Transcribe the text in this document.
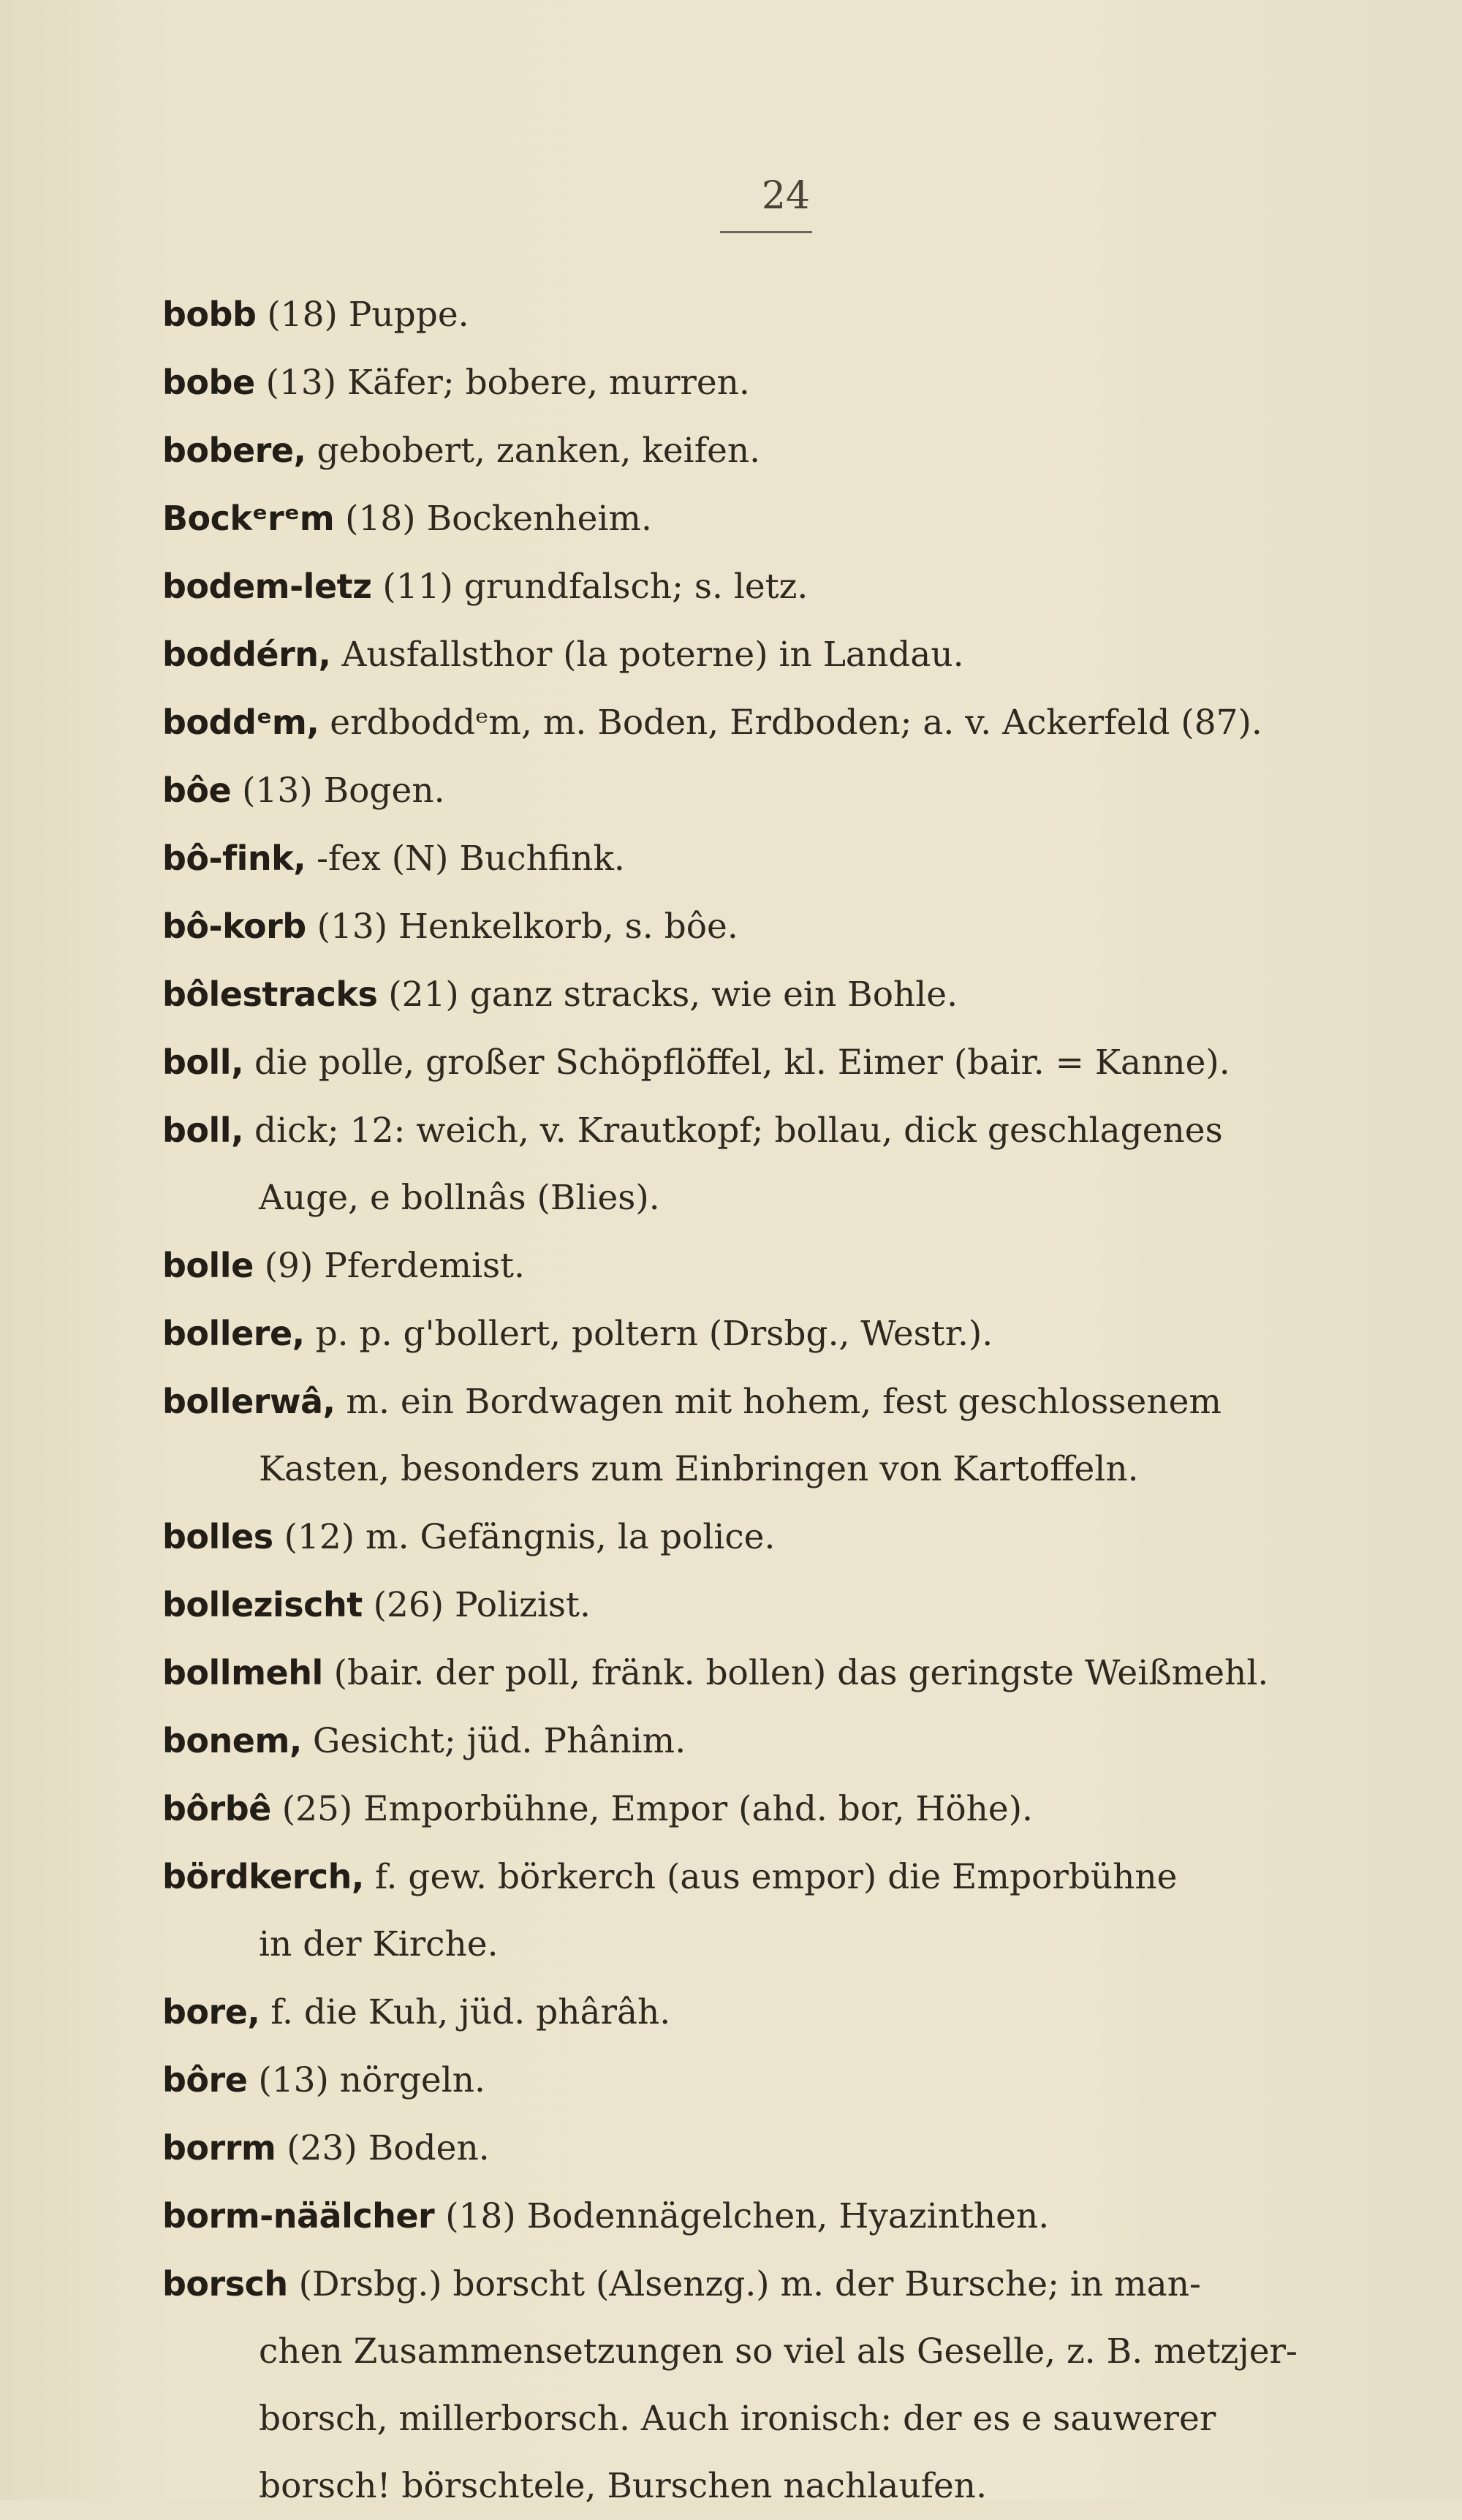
24
bobb (18) Puppe.
bobe (13) Käfer; bobere, murren.
bobere, gebobert, zanken, keifen.
Bockᵉrᵉm (18) Bockenheim.
bodem-letz (11) grundfalsch; s. letz.
boddérn, Ausfallsthor (la poterne) in Landau.
boddᵉm, erdboddᵉm, m. Boden, Erdboden; a. v. Ackerfeld (87).
bôe (13) Bogen.
bô-fink, -fex (N) Buchfink.
bô-korb (13) Henkelkorb, s. bôe.
bôlestracks (21) ganz stracks, wie ein Bohle.
boll, die polle, großer Schöpflöffel, kl. Eimer (bair. = Kanne).
boll, dick; 12: weich, v. Krautkopf; bollau, dick geschlagenes
Auge, e bollnâs (Blies).
bolle (9) Pferdemist.
bollere, p. p. g'bollert, poltern (Drsbg., Westr.).
bollerwâ, m. ein Bordwagen mit hohem, fest geschlossenem
Kasten, besonders zum Einbringen von Kartoffeln.
bolles (12) m. Gefängnis, la police.
bollezischt (26) Polizist.
bollmehl (bair. der poll, fränk. bollen) das geringste Weißmehl.
bonem, Gesicht; jüd. Phânim.
bôrbê (25) Emporbühne, Empor (ahd. bor, Höhe).
bördkerch, f. gew. börkerch (aus empor) die Emporbühne
in der Kirche.
bore, f. die Kuh, jüd. phârâh.
bôre (13) nörgeln.
borrm (23) Boden.
borm-näälcher (18) Bodennägelchen, Hyazinthen.
borsch (Drsbg.) borscht (Alsenzg.) m. der Bursche; in man-
chen Zusammensetzungen so viel als Geselle, z. B. metzjer-
borsch, millerborsch. Auch ironisch: der es e sauwerer
borsch! börschtele, Burschen nachlaufen.
